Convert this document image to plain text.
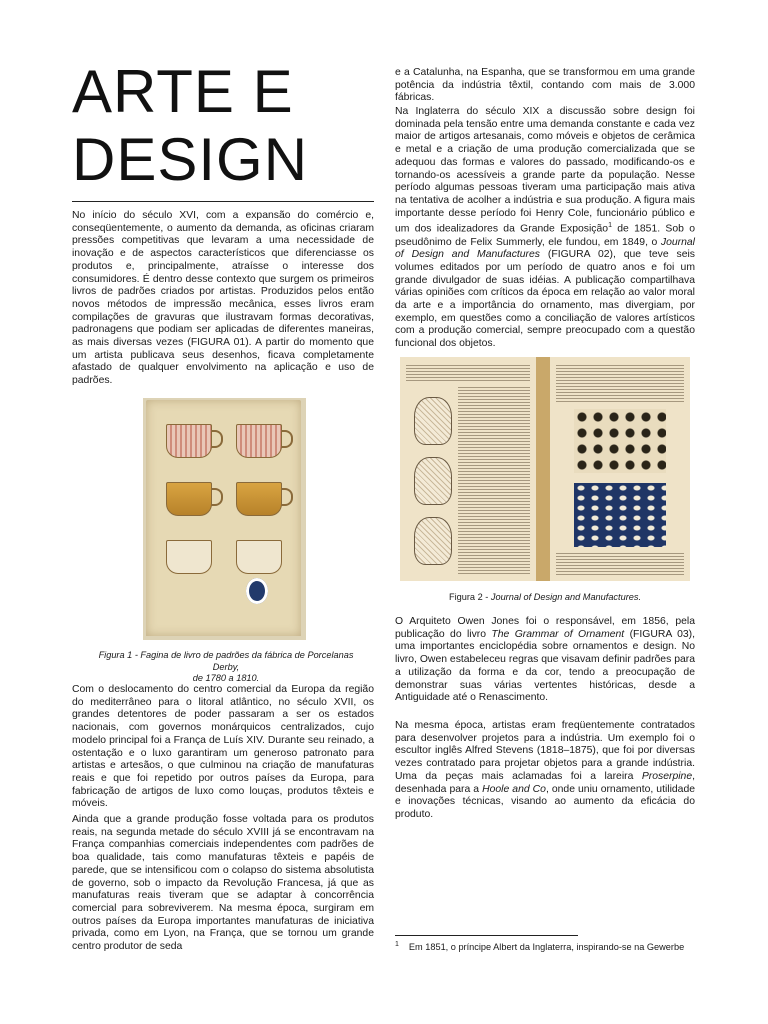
ARTE E
DESIGN

No início do século XVI, com a expansão do comércio e, conseqüentemente, o aumento da demanda, as oficinas criaram pressões competitivas que levaram a uma necessidade de inovação e de aspectos característicos que diferenciasse os produtos e, principalmente, atraísse o interesse dos consumidores. É dentro desse contexto que surgem os primeiros livros de padrões criados por artistas. Produzidos pelos então novos métodos de impressão mecânica, esses livros eram compilações de gravuras que ilustravam formas decorativas, padronagens que podiam ser aplicadas de diferentes maneiras, as mais diversas vezes (FIGURA 01). A partir do momento que um artista publicava seus desenhos, ficava completamente afastado de qualquer envolvimento na aplicação e uso de padrões.

Figura 1 - Fagina de livro de padrões da fábrica de Porcelanas Derby,
de 1780 a 1810.

Com o deslocamento do centro comercial da Europa da região do mediterrâneo para o litoral atlântico, no século XVII, os grandes detentores de poder passaram a ser os estados nacionais, com governos monárquicos centralizados, cujo modelo principal foi a França de Luís XIV. Durante seu reinado, a ostentação e o luxo garantiram um generoso patronato para artistas e artesãos, o que culminou na criação de manufaturas reais e que foi repetido por outros países da Europa, para fabricação de artigos de luxo como louças, produtos têxteis e móveis.

Ainda que a grande produção fosse voltada para os produtos reais, na segunda metade do século XVIII já se encontravam na França companhias comerciais independentes com padrões de boa qualidade, tais como manufaturas têxteis e papéis de parede, que se intensificou com o colapso do sistema absolutista de governo, sob o impacto da Revolução Francesa, já que as manufaturas reais tiveram que se adaptar à concorrência comercial para sobreviverem. Na mesma época, surgiram em outros países da Europa importantes manufaturas de iniciativa privada, como em Lyon, na França, que se tornou um grande centro produtor de seda

e a Catalunha, na Espanha, que se transformou em uma grande potência da indústria têxtil, contando com mais de 3.000 fábricas.

Na Inglaterra do século XIX a discussão sobre design foi dominada pela tensão entre uma demanda constante e cada vez maior de artigos artesanais, como móveis e objetos de cerâmica e metal e a criação de uma produção comercializada que se adequou das formas e valores do passado, modificando-os e tornando-os acessíveis a grande parte da população. Nesse período algumas pessoas tiveram uma participação mais ativa na tentativa de acolher a indústria e sua produção. A figura mais importante desse período foi Henry Cole, funcionário público e um dos idealizadores da Grande Exposição$^1$ de 1851. Sob o pseudônimo de Felix Summerly, ele fundou, em 1849, o Journal of Design and Manufactures (FIGURA 02), que teve seis volumes editados por um período de quatro anos e foi um grande divulgador de suas idéias. A publicação compartilhava várias opiniões com críticos da época em relação ao valor moral da arte e a importância do ornamento, mas divergiam, por exemplo, em questões como a conciliação de valores artísticos com a produção comercial, sempre preocupado com a questão funcional dos objetos.

Figura 2 - Journal of Design and Manufactures.

O Arquiteto Owen Jones foi o responsável, em 1856, pela publicação do livro The Grammar of Ornament (FIGURA 03), uma importantes enciclopédia sobre ornamentos e design. No livro, Owen estabeleceu regras que visavam definir padrões para a utilização da forma e da cor, tendo a preocupação de demonstrar suas várias vertentes históricas, desde a Antiguidade até o Renascimento.

Na mesma época, artistas eram freqüentemente contratados para desenvolver projetos para a indústria. Um exemplo foi o escultor inglês Alfred Stevens (1818–1875), que foi por diversas vezes contratado para projetar objetos para a grande indústria. Uma da peças mais aclamadas foi a lareira Proserpine, desenhada para a Hoole and Co, onde uniu ornamento, utilidade e inovações técnicas, visando ao aumento da eficácia do produto.

$^1$ Em 1851, o príncipe Albert da Inglaterra, inspirando-se na Gewerbe
